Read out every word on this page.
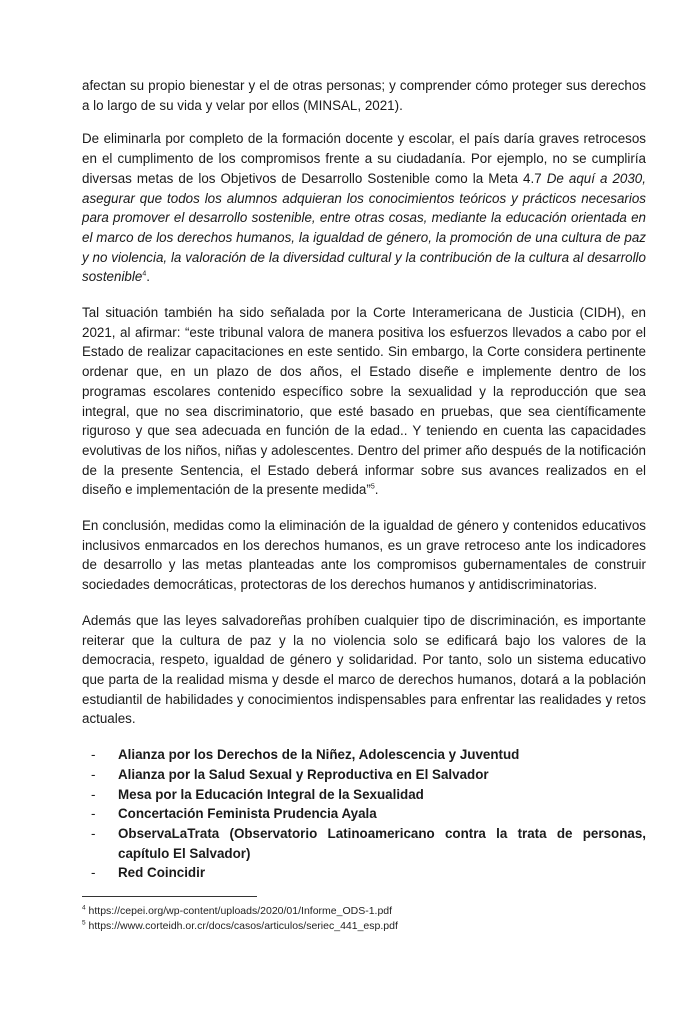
afectan su propio bienestar y el de otras personas; y comprender cómo proteger sus derechos a lo largo de su vida y velar por ellos (MINSAL, 2021).

De eliminarla por completo de la formación docente y escolar, el país daría graves retrocesos en el cumplimento de los compromisos frente a su ciudadanía. Por ejemplo, no se cumpliría diversas metas de los Objetivos de Desarrollo Sostenible como la Meta 4.7 De aquí a 2030, asegurar que todos los alumnos adquieran los conocimientos teóricos y prácticos necesarios para promover el desarrollo sostenible, entre otras cosas, mediante la educación orientada en el marco de los derechos humanos, la igualdad de género, la promoción de una cultura de paz y no violencia, la valoración de la diversidad cultural y la contribución de la cultura al desarrollo sostenible$^4$.

Tal situación también ha sido señalada por la Corte Interamericana de Justicia (CIDH), en 2021, al afirmar: “este tribunal valora de manera positiva los esfuerzos llevados a cabo por el Estado de realizar capacitaciones en este sentido. Sin embargo, la Corte considera pertinente ordenar que, en un plazo de dos años, el Estado diseñe e implemente dentro de los programas escolares contenido específico sobre la sexualidad y la reproducción que sea integral, que no sea discriminatorio, que esté basado en pruebas, que sea científicamente riguroso y que sea adecuada en función de la edad.. Y teniendo en cuenta las capacidades evolutivas de los niños, niñas y adolescentes. Dentro del primer año después de la notificación de la presente Sentencia, el Estado deberá informar sobre sus avances realizados en el diseño e implementación de la presente medida”$^5$.

En conclusión, medidas como la eliminación de la igualdad de género y contenidos educativos inclusivos enmarcados en los derechos humanos, es un grave retroceso ante los indicadores de desarrollo y las metas planteadas ante los compromisos gubernamentales de construir sociedades democráticas, protectoras de los derechos humanos y antidiscriminatorias.

Además que las leyes salvadoreñas prohíben cualquier tipo de discriminación, es importante reiterar que la cultura de paz y la no violencia solo se edificará bajo los valores de la democracia, respeto, igualdad de género y solidaridad. Por tanto, solo un sistema educativo que parta de la realidad misma y desde el marco de derechos humanos, dotará a la población estudiantil de habilidades y conocimientos indispensables para enfrentar las realidades y retos actuales.

- Alianza por los Derechos de la Niñez, Adolescencia y Juventud
- Alianza por la Salud Sexual y Reproductiva en El Salvador
- Mesa por la Educación Integral de la Sexualidad
- Concertación Feminista Prudencia Ayala
- ObservaLaTrata (Observatorio Latinoamericano contra la trata de personas, capítulo El Salvador)
- Red Coincidir
$^4$ https://cepei.org/wp-content/uploads/2020/01/Informe_ODS-1.pdf
$^5$ https://www.corteidh.or.cr/docs/casos/articulos/seriec_441_esp.pdf
